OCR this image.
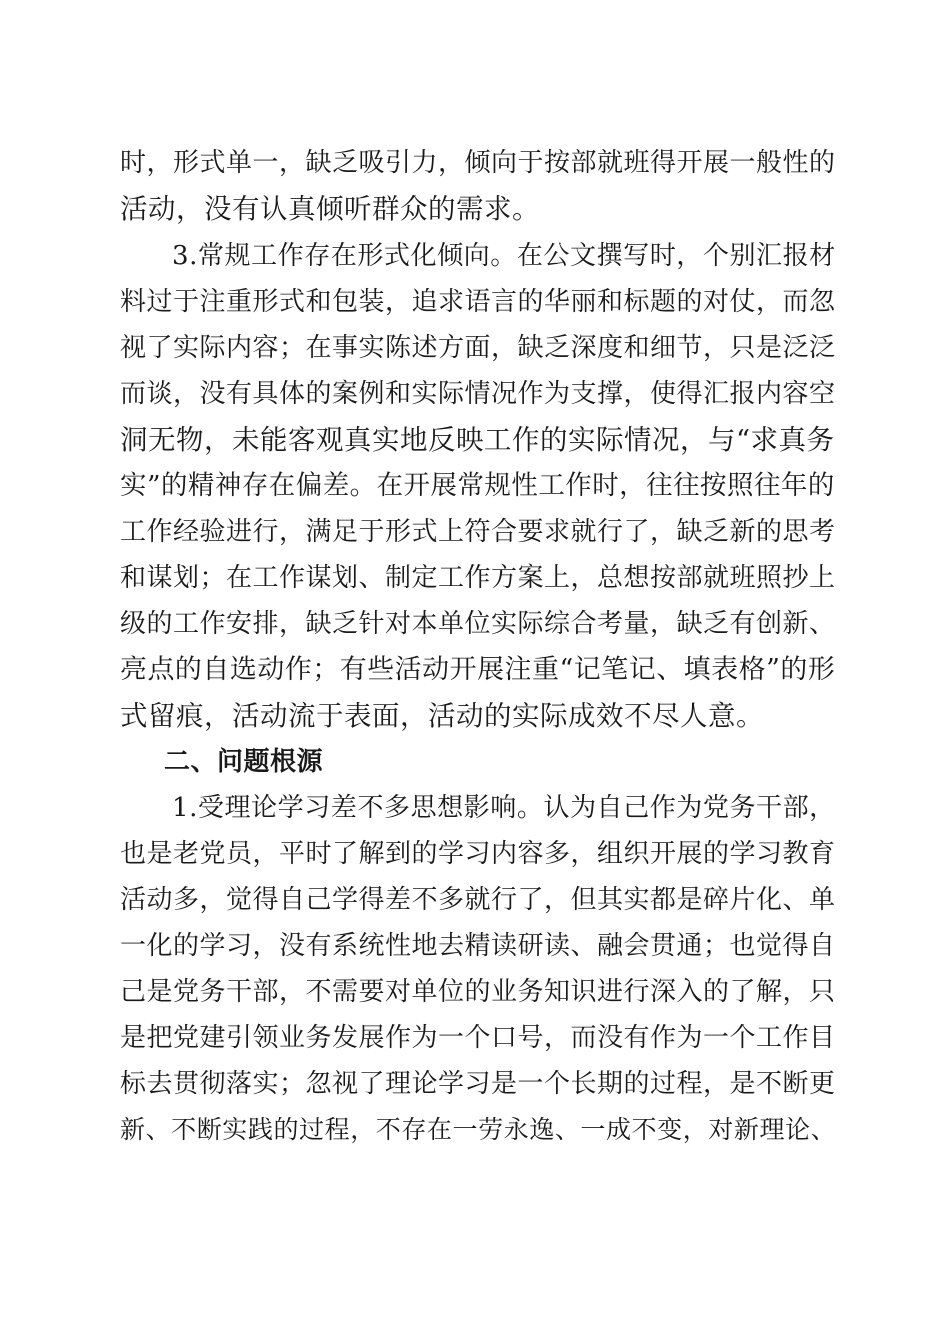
时，形式单一，缺乏吸引力，倾向于按部就班得开展一般性的
活动，没有认真倾听群众的需求。
3.常规工作存在形式化倾向。在公文撰写时，个别汇报材
料过于注重形式和包装，追求语言的华丽和标题的对仗，而忽
视了实际内容；在事实陈述方面，缺乏深度和细节，只是泛泛
而谈，没有具体的案例和实际情况作为支撑，使得汇报内容空
洞无物，未能客观真实地反映工作的实际情况，与“求真务
实”的精神存在偏差。在开展常规性工作时，往往按照往年的
工作经验进行，满足于形式上符合要求就行了，缺乏新的思考
和谋划；在工作谋划、制定工作方案上，总想按部就班照抄上
级的工作安排，缺乏针对本单位实际综合考量，缺乏有创新、
亮点的自选动作；有些活动开展注重“记笔记、填表格”的形
式留痕，活动流于表面，活动的实际成效不尽人意。
二、问题根源
1.受理论学习差不多思想影响。认为自己作为党务干部，
也是老党员，平时了解到的学习内容多，组织开展的学习教育
活动多，觉得自己学得差不多就行了，但其实都是碎片化、单
一化的学习，没有系统性地去精读研读、融会贯通；也觉得自
己是党务干部，不需要对单位的业务知识进行深入的了解，只
是把党建引领业务发展作为一个口号，而没有作为一个工作目
标去贯彻落实；忽视了理论学习是一个长期的过程，是不断更
新、不断实践的过程，不存在一劳永逸、一成不变，对新理论、
